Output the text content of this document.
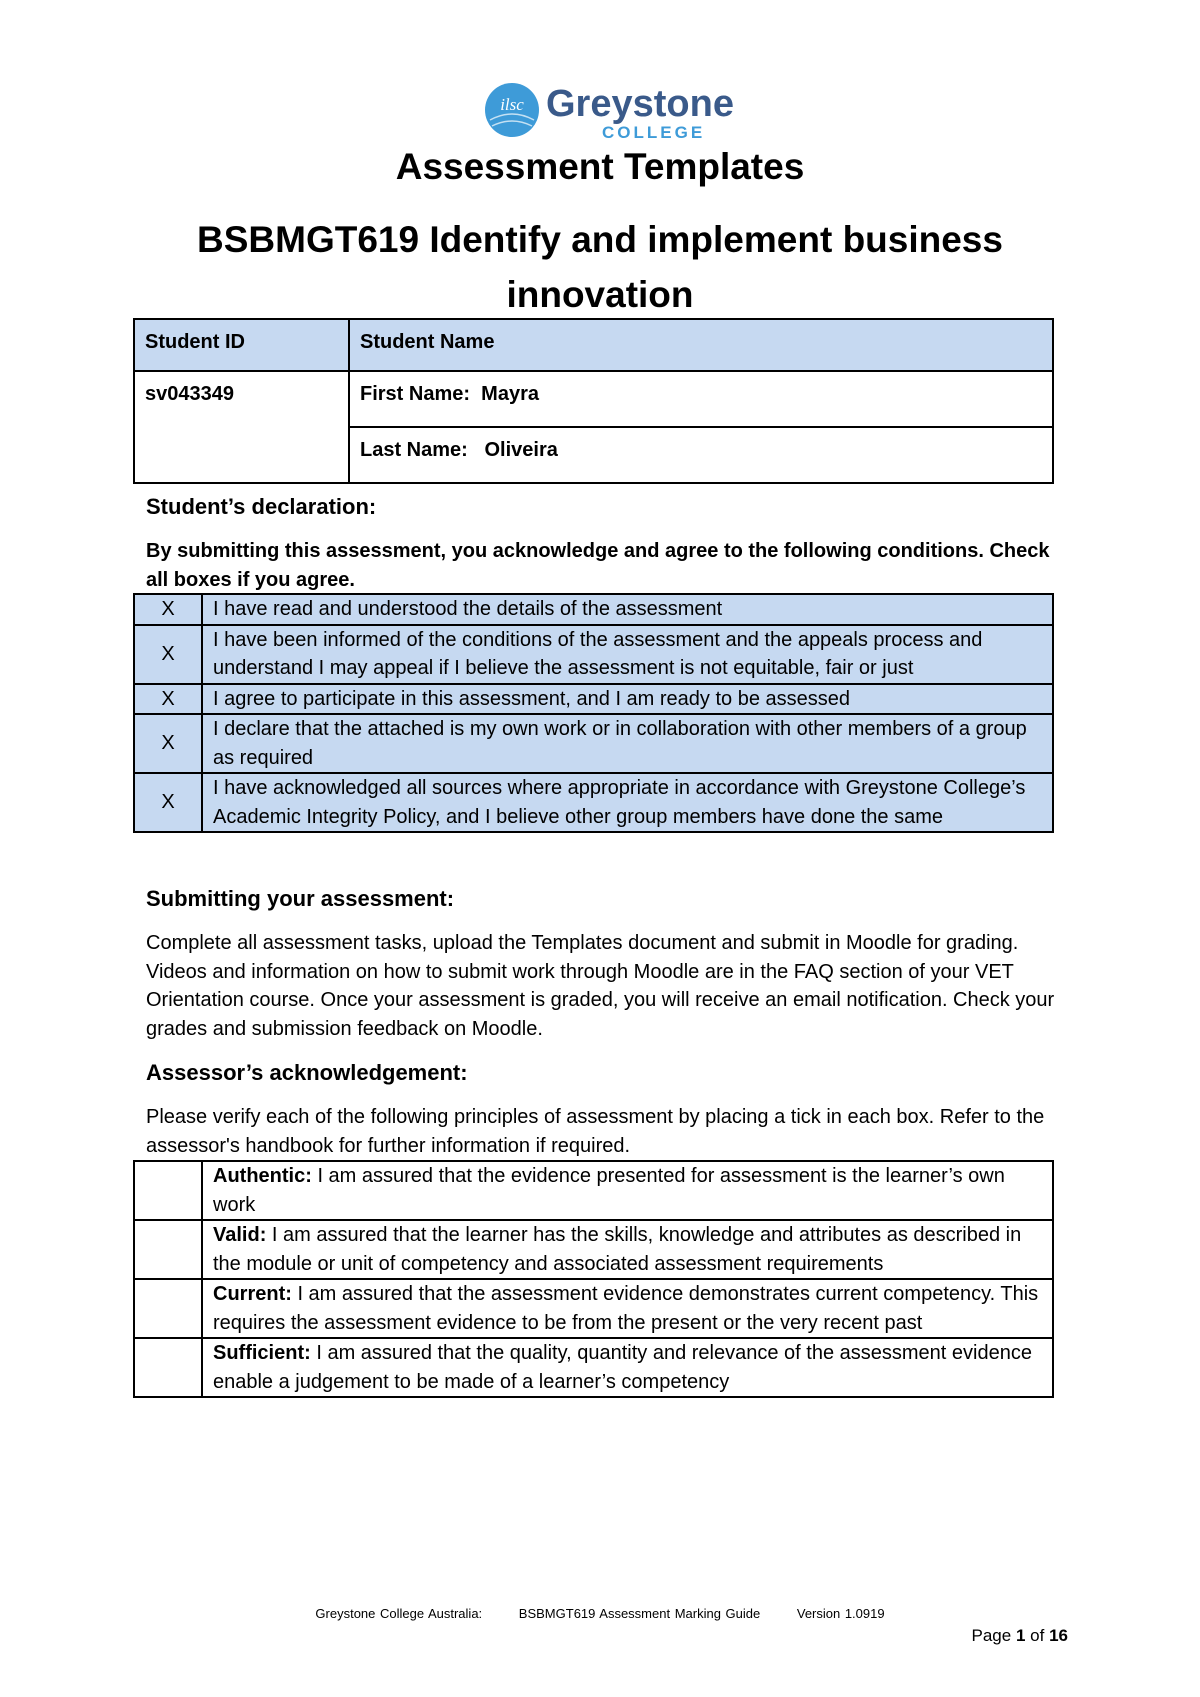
ilsc Greystone
COLLEGE
Assessment Templates
BSBMGT619 Identify and implement business innovation
Student ID	Student Name
sv043349	First Name: Mayra
	Last Name: Oliveira
Student’s declaration:

By submitting this assessment, you acknowledge and agree to the following conditions. Check all boxes if you agree.

X	I have read and understood the details of the assessment
X	I have been informed of the conditions of the assessment and the appeals process and understand I may appeal if I believe the assessment is not equitable, fair or just
X	I agree to participate in this assessment, and I am ready to be assessed
X	I declare that the attached is my own work or in collaboration with other members of a group as required
X	I have acknowledged all sources where appropriate in accordance with Greystone College’s Academic Integrity Policy, and I believe other group members have done the same
Submitting your assessment:

Complete all assessment tasks, upload the Templates document and submit in Moodle for grading. Videos and information on how to submit work through Moodle are in the FAQ section of your VET Orientation course. Once your assessment is graded, you will receive an email notification. Check your grades and submission feedback on Moodle.

Assessor’s acknowledgement:

Please verify each of the following principles of assessment by placing a tick in each box. Refer to the assessor's handbook for further information if required.

	Authentic: I am assured that the evidence presented for assessment is the learner’s own work
	Valid: I am assured that the learner has the skills, knowledge and attributes as described in the module or unit of competency and associated assessment requirements
	Current: I am assured that the assessment evidence demonstrates current competency. This requires the assessment evidence to be from the present or the very recent past
	Sufficient: I am assured that the quality, quantity and relevance of the assessment evidence enable a judgement to be made of a learner’s competency
Greystone College Australia:	BSBMGT619 Assessment Marking Guide	Version 1.0919
Page 1 of 16
